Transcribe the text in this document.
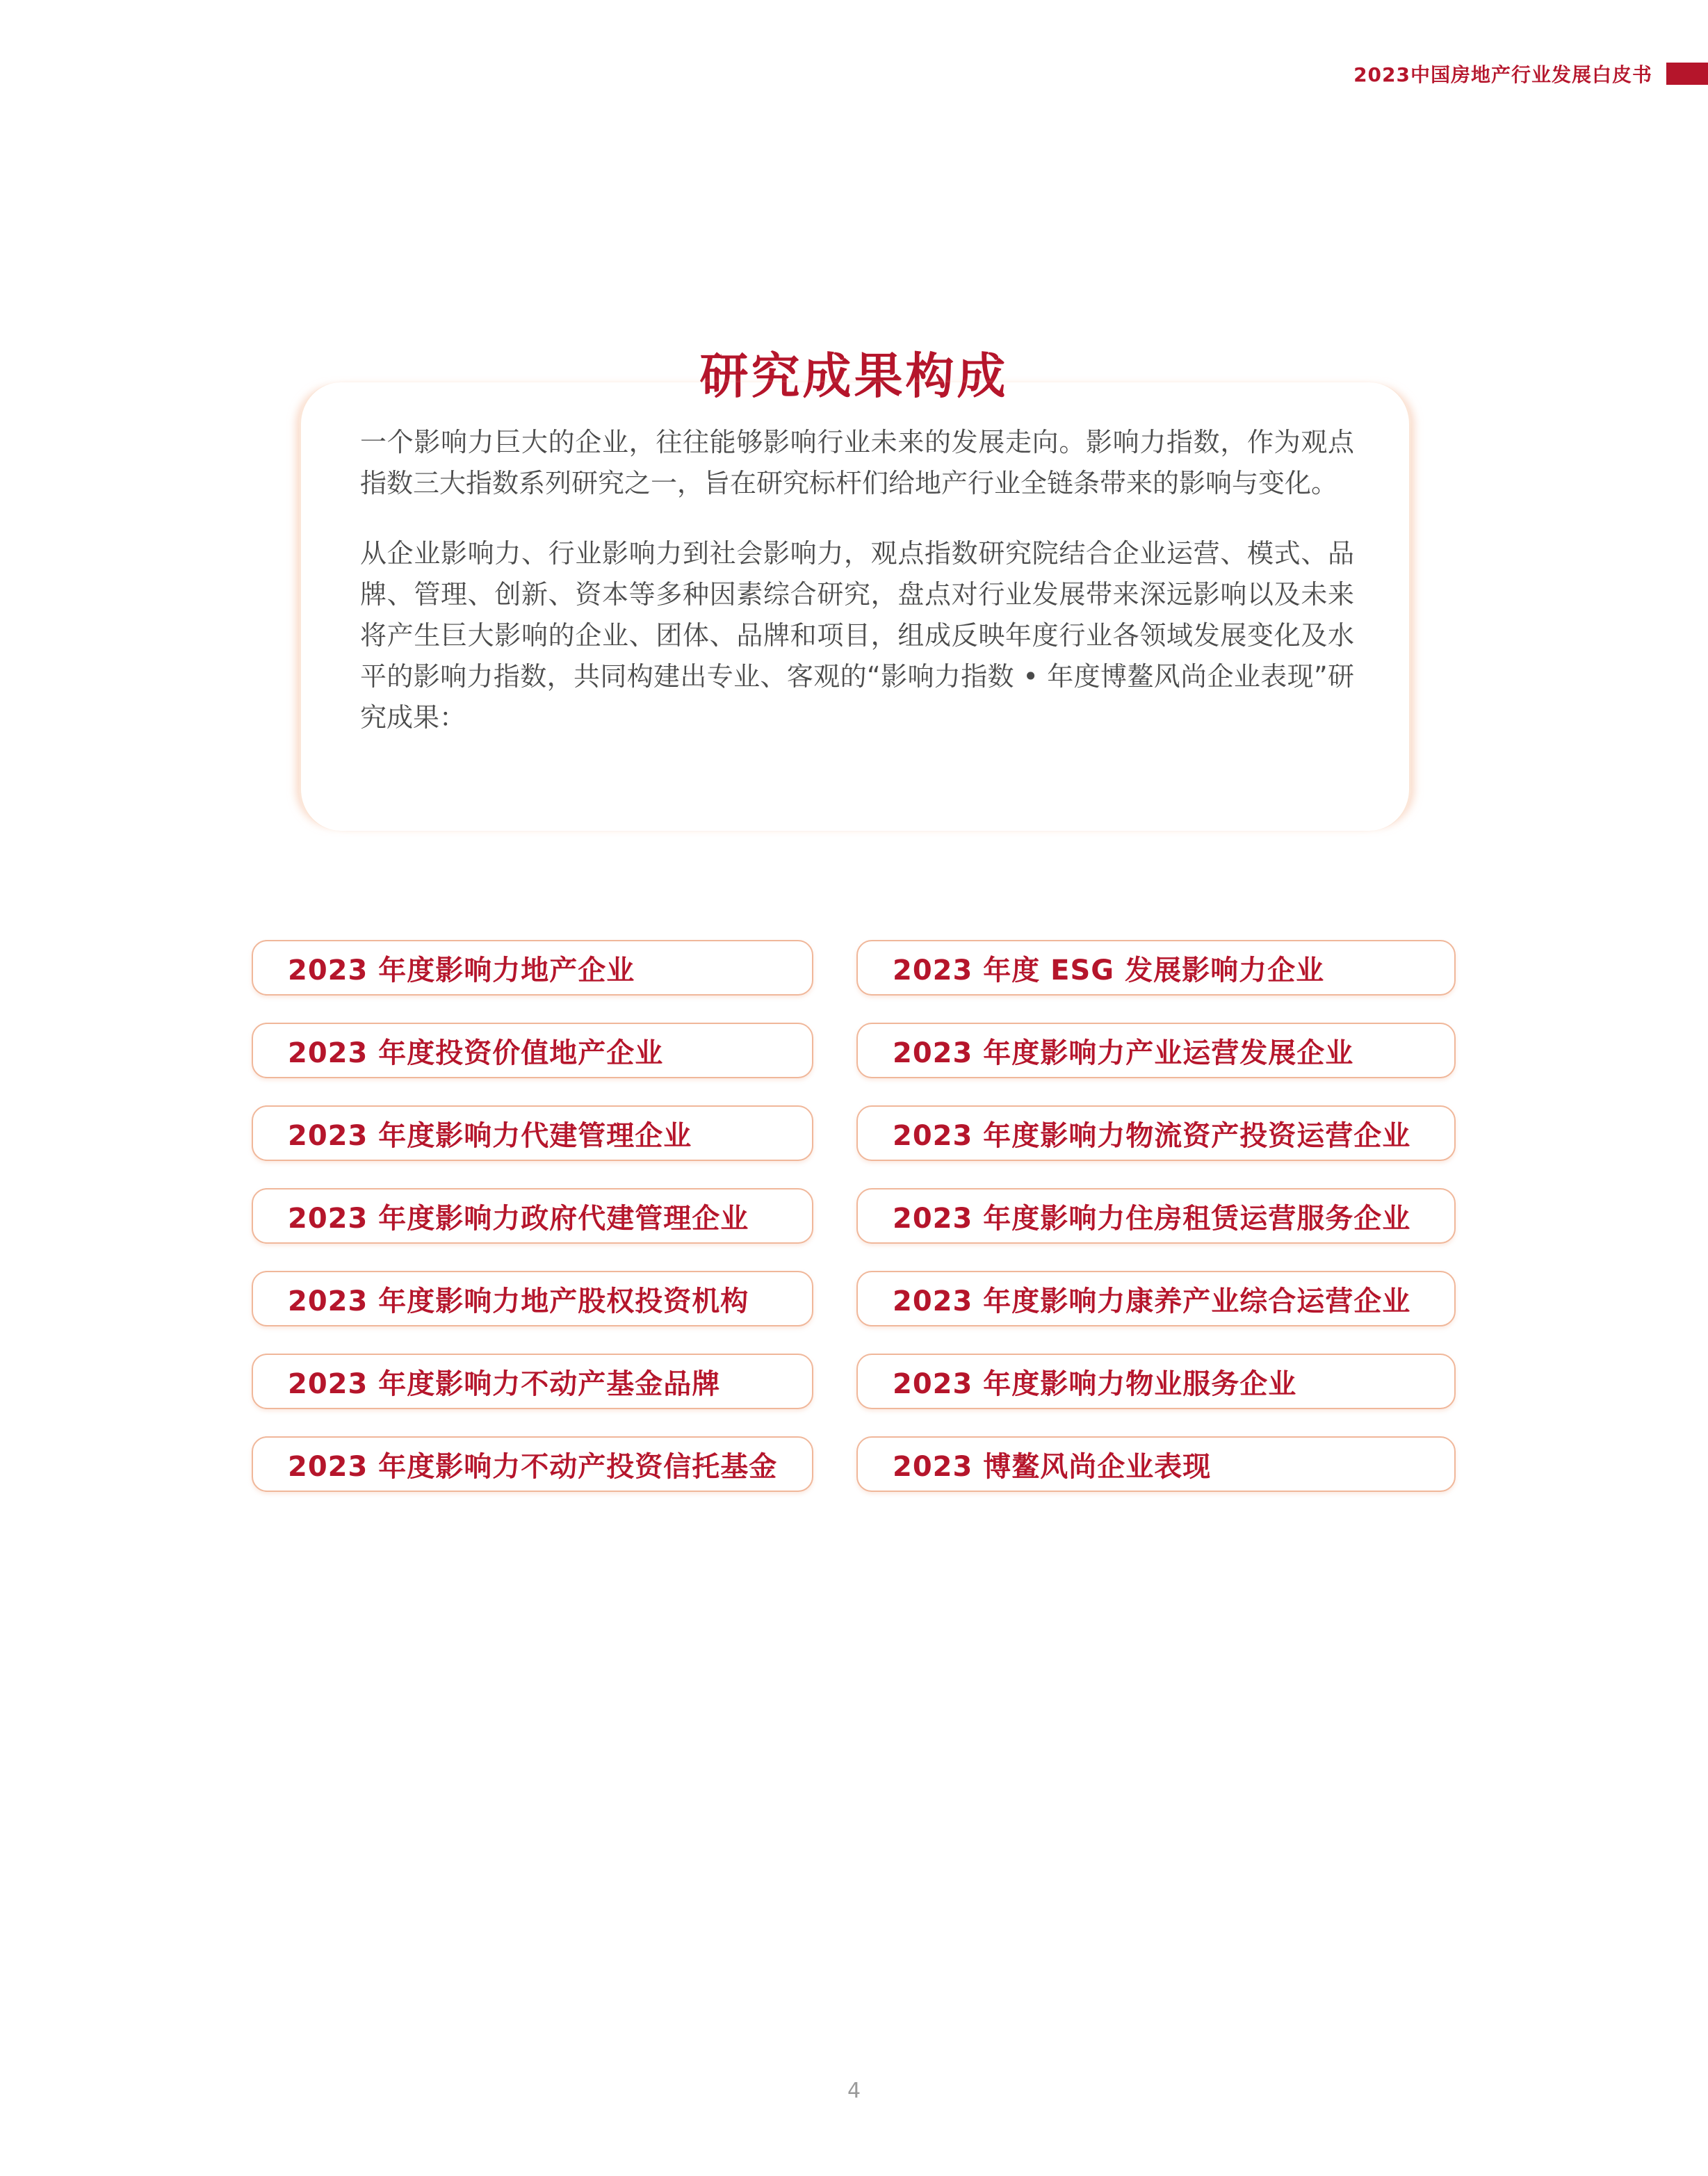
2023中国房地产行业发展白皮书
研究成果构成

一个影响力巨大的企业，往往能够影响行业未来的发展走向。影响力指数，作为观点指数三大指数系列研究之一，旨在研究标杆们给地产行业全链条带来的影响与变化。

从企业影响力、行业影响力到社会影响力，观点指数研究院结合企业运营、模式、品牌、管理、创新、资本等多种因素综合研究，盘点对行业发展带来深远影响以及未来将产生巨大影响的企业、团体、品牌和项目，组成反映年度行业各领域发展变化及水平的影响力指数，共同构建出专业、客观的“影响力指数 • 年度博鳌风尚企业表现”研究成果：

2023 年度影响力地产企业	2023 年度 ESG 发展影响力企业
2023 年度投资价值地产企业	2023 年度影响力产业运营发展企业
2023 年度影响力代建管理企业	2023 年度影响力物流资产投资运营企业
2023 年度影响力政府代建管理企业	2023 年度影响力住房租赁运营服务企业
2023 年度影响力地产股权投资机构	2023 年度影响力康养产业综合运营企业
2023 年度影响力不动产基金品牌	2023 年度影响力物业服务企业
2023 年度影响力不动产投资信托基金	2023 博鳌风尚企业表现
4
